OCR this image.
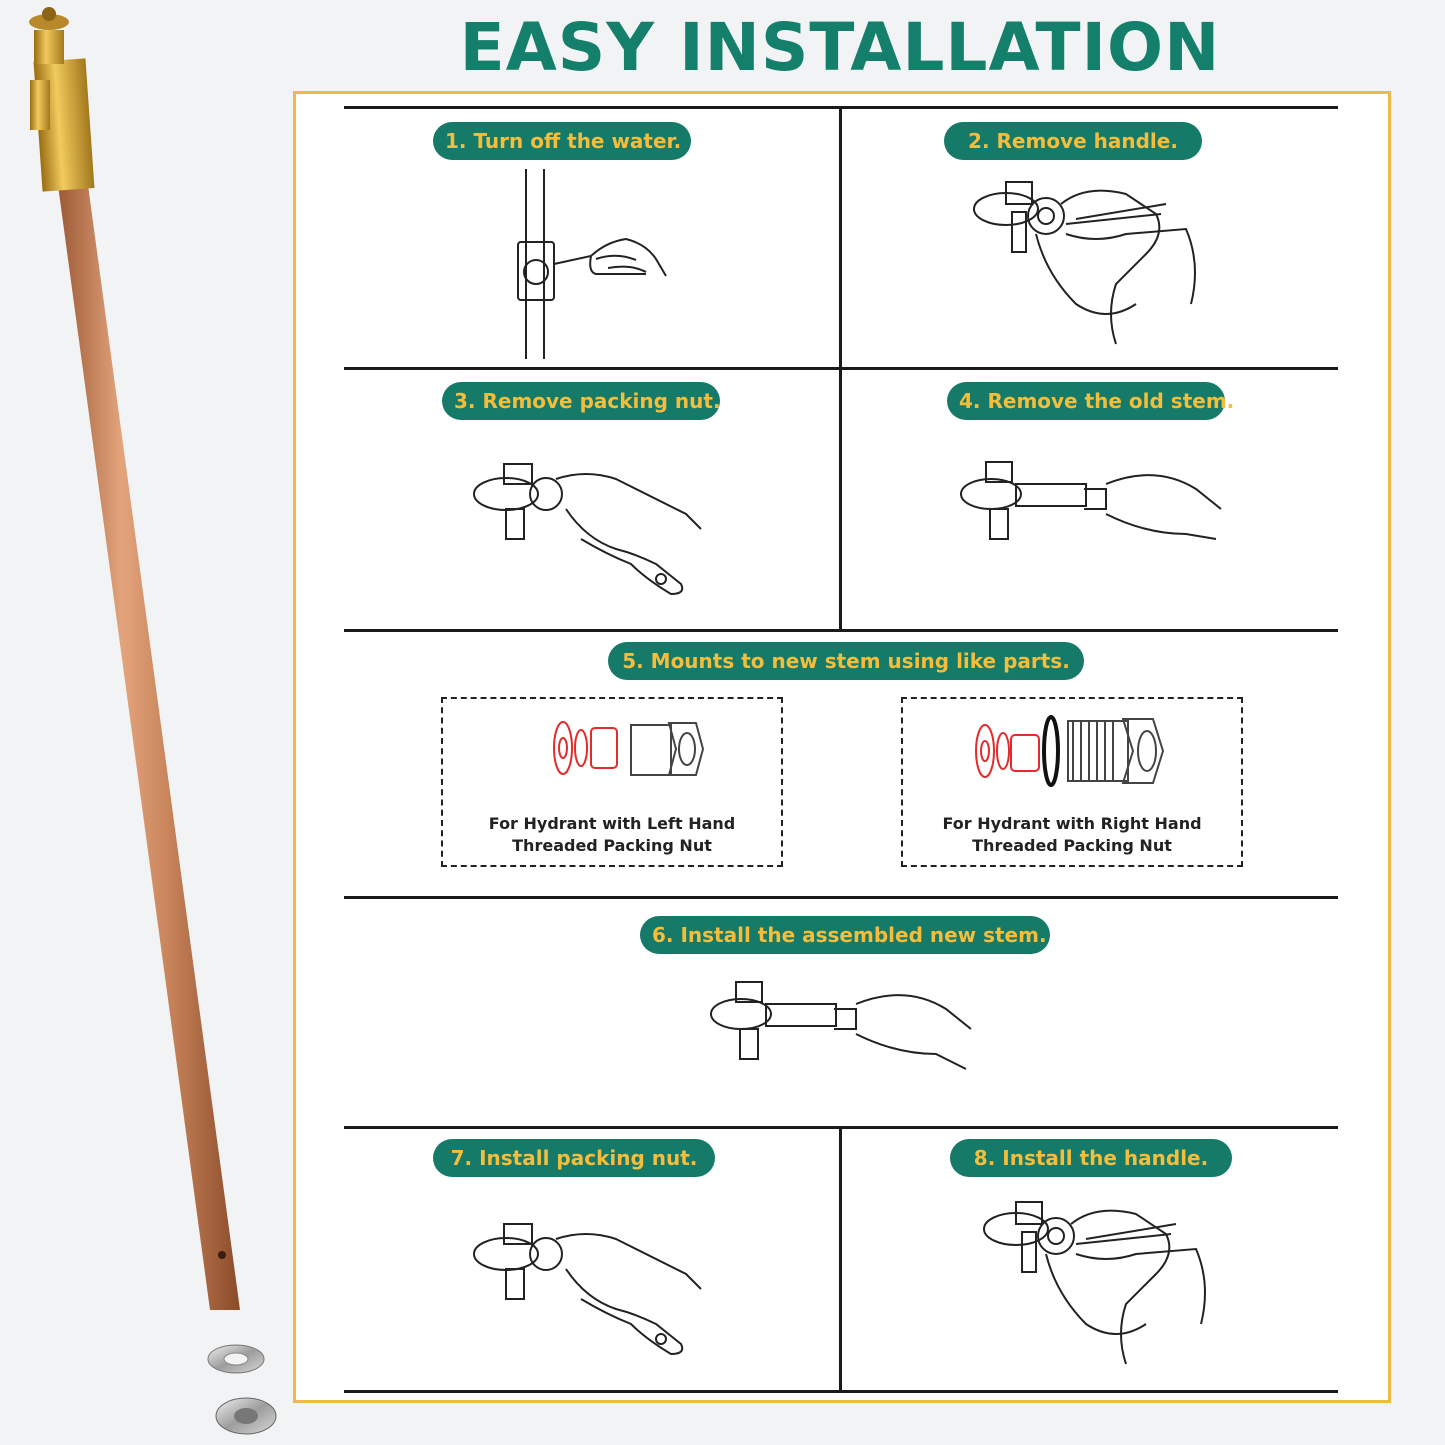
EASY INSTALLATION
1. Turn off the water.	2. Remove handle.
3. Remove packing nut.	4. Remove the old stem.
5. Mounts to new stem using like parts.
For Hydrant with Left Hand
Threaded Packing Nut
For Hydrant with Right Hand
Threaded Packing Nut
6. Install the assembled new stem.
7. Install packing nut.	8. Install the handle.
